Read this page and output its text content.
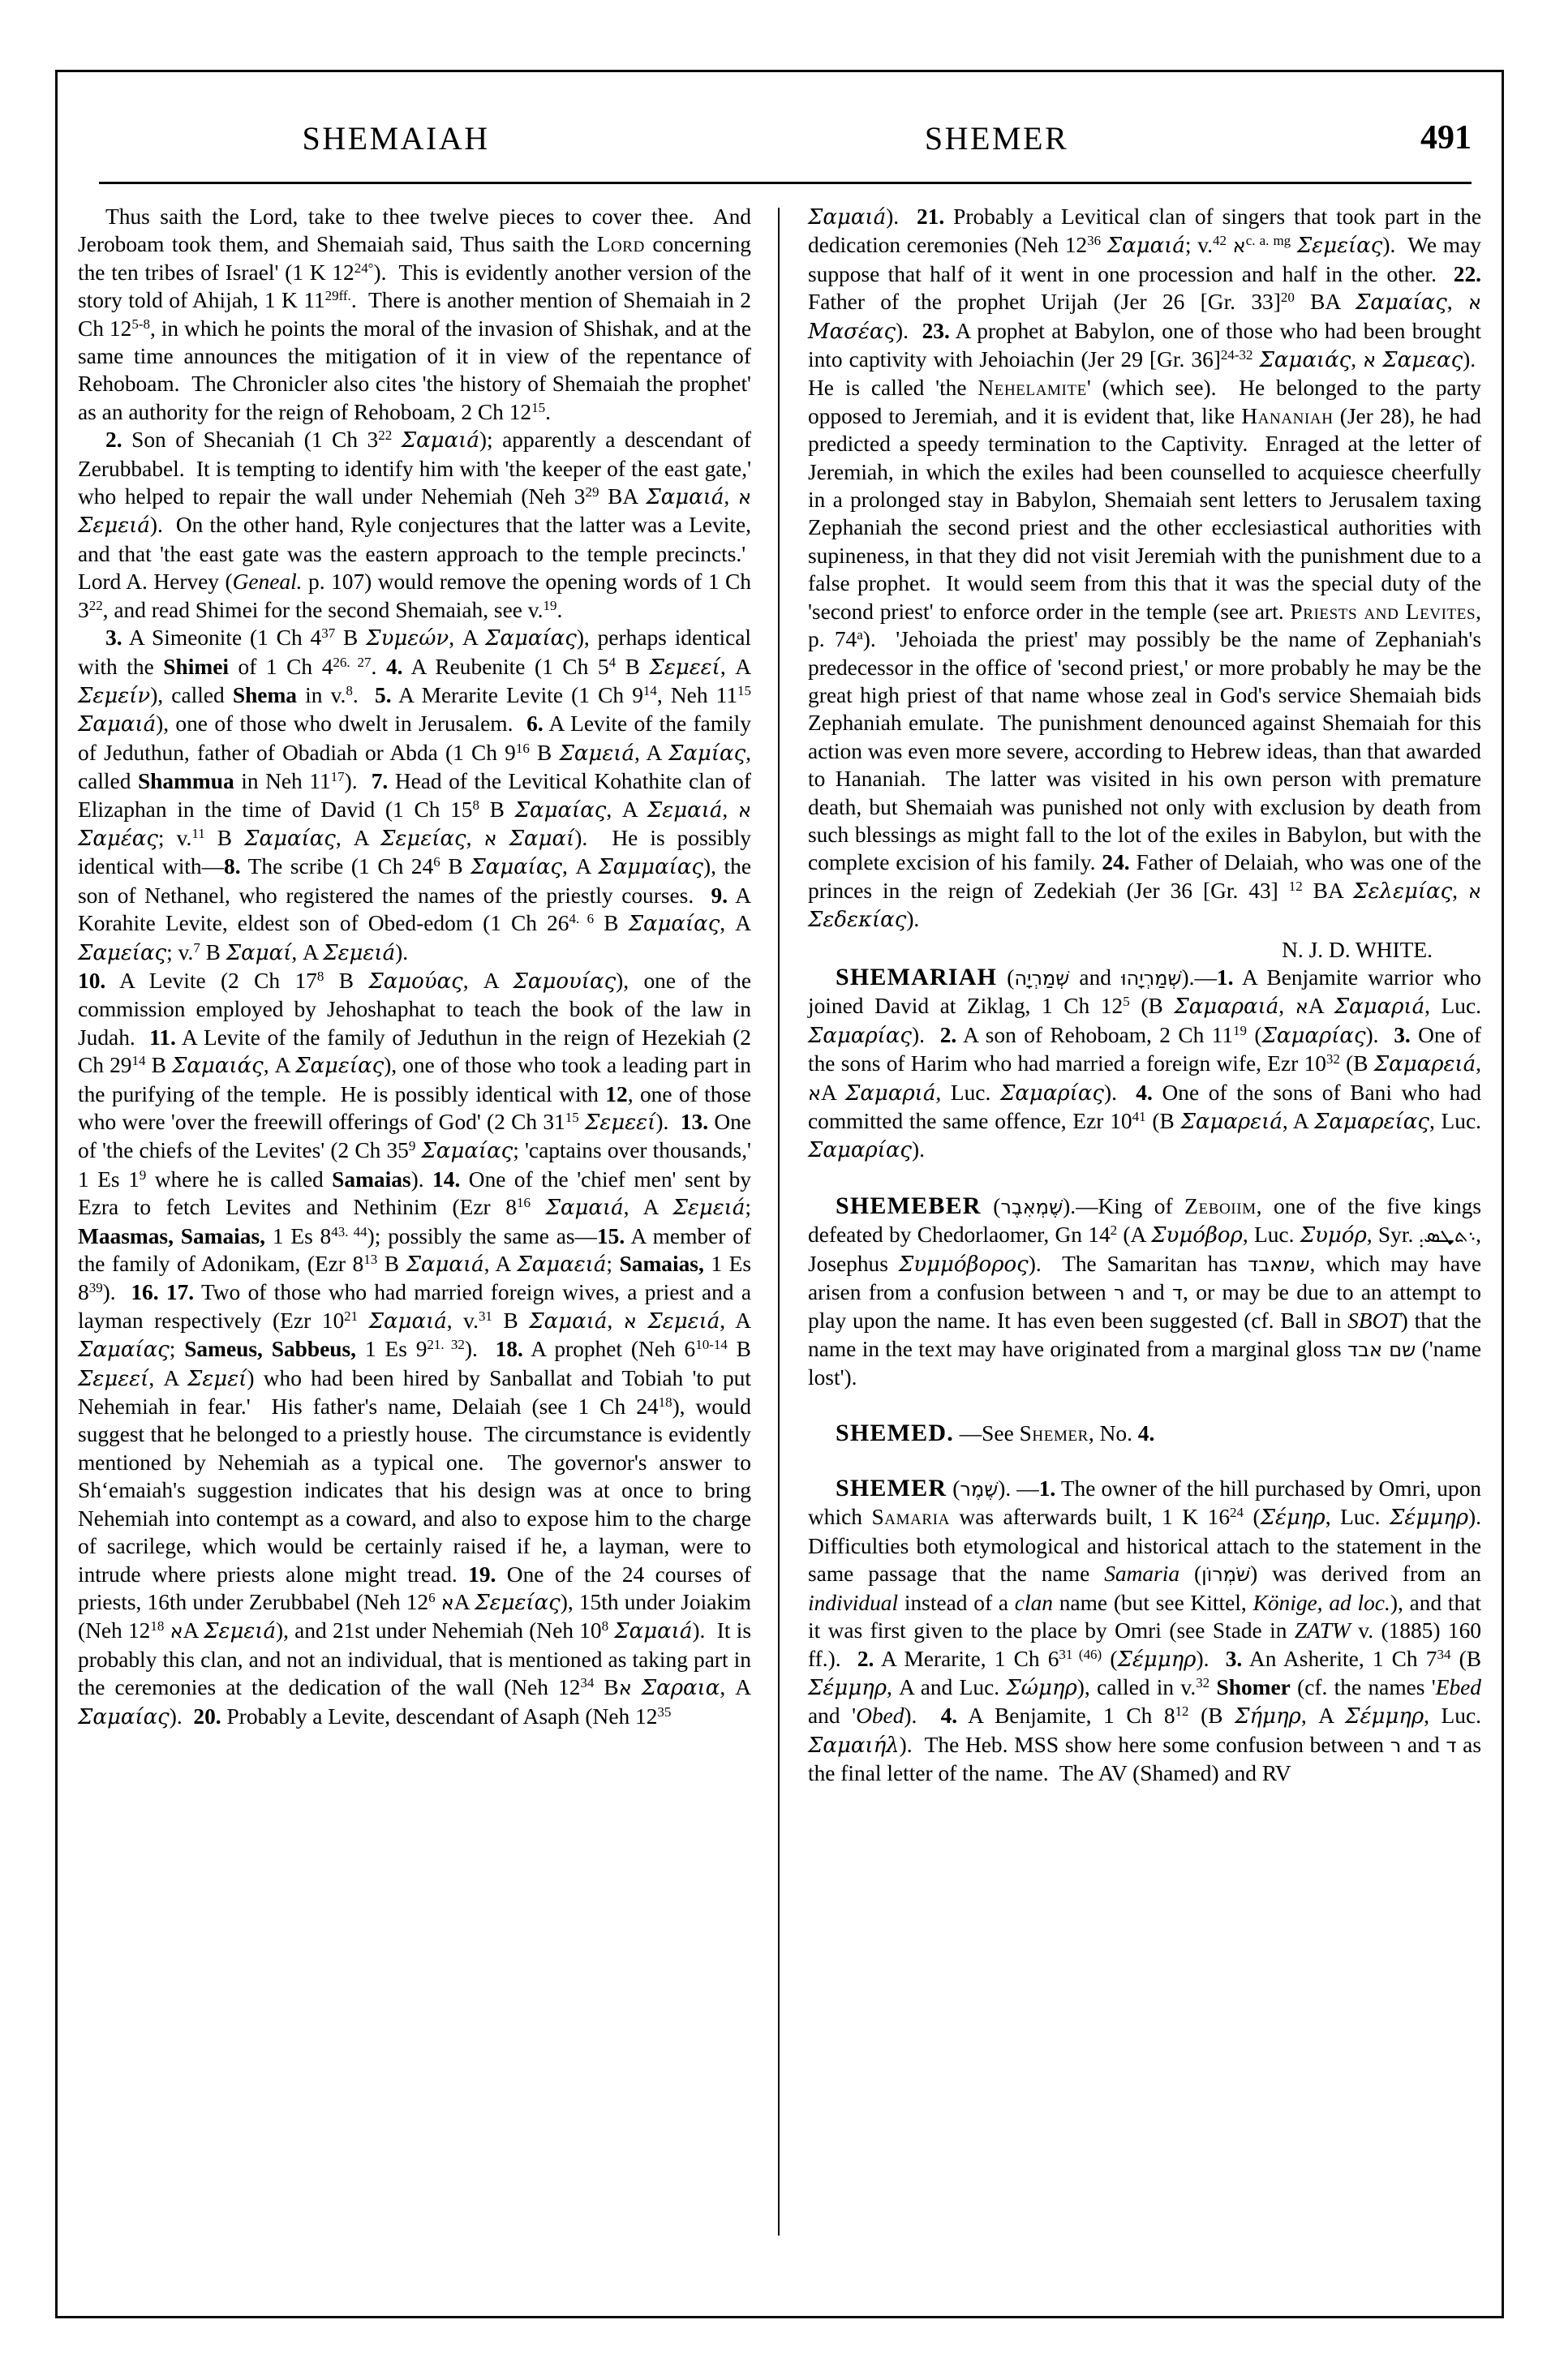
SHEMAIAH	SHEMER	491

Thus saith the Lord, take to thee twelve pieces to cover thee.  And Jeroboam took them, and Shemaiah said, Thus saith the Lord concerning the ten tribes of Israel' (1 K $12^{24^\circ}$).  This is evidently another version of the story told of Ahijah, 1 K $11^{29ff.}$.  There is another mention of Shemaiah in 2 Ch 12$^{5-8}$, in which he points the moral of the invasion of Shishak, and at the same time announces the mitigation of it in view of the repentance of Rehoboam.  The Chronicler also cites 'the history of Shemaiah the prophet' as an authority for the reign of Rehoboam, 2 Ch $12^{15}$.

2. Son of Shecaniah (1 Ch $3^{22}$ Σαμαιá); apparently a descendant of Zerubbabel.  It is tempting to identify him with 'the keeper of the east gate,' who helped to repair the wall under Nehemiah (Neh $3^{29}$ BA Σαμαιá, א Σεμειá).  On the other hand, Ryle conjectures that the latter was a Levite, and that 'the east gate was the eastern approach to the temple precincts.'  Lord A. Hervey (Geneal. p. 107) would remove the opening words of 1 Ch $3^{22}$, and read Shimei for the second Shemaiah, see v.$^{19}$.

3. A Simeonite (1 Ch $4^{37}$ B Συμεών, A Σαμαίας), perhaps identical with the Shimei of 1 Ch $4^{26. 27}$. 4. A Reubenite (1 Ch $5^4$ B Σεμεεί, A Σεμείν), called Shema in v.$^8$.  5. A Merarite Levite (1 Ch $9^{14}$, Neh $11^{15}$ Σαμαιá), one of those who dwelt in Jerusalem.  6. A Levite of the family of Jeduthun, father of Obadiah or Abda (1 Ch $9^{16}$ B Σαμειá, A Σαμίας, called Shammua in Neh $11^{17}$).  7. Head of the Levitical Kohathite clan of Elizaphan in the time of David (1 Ch $15^8$ B Σαμαίας, A Σεμαιá, א Σαμέας; v.$^{11}$ B Σαμαίας, A Σεμείας, א Σαμαί).  He is possibly identical with—8. The scribe (1 Ch $24^6$ B Σαμαίας, A Σαμμαίας), the son of Nethanel, who registered the names of the priestly courses.  9. A Korahite Levite, eldest son of Obed-edom (1 Ch $26^{4. 6}$ B Σαμαίας, A Σαμείας; v.$^7$ B Σαμαί, A Σεμειá).

10. A Levite (2 Ch $17^8$ B Σαμούας, A Σαμουίας), one of the commission employed by Jehoshaphat to teach the book of the law in Judah.  11. A Levite of the family of Jeduthun in the reign of Hezekiah (2 Ch $29^{14}$ B Σαμαιάς, A Σαμείας), one of those who took a leading part in the purifying of the temple.  He is possibly identical with 12, one of those who were 'over the freewill offerings of God' (2 Ch $31^{15}$ Σεμεεί).  13. One of 'the chiefs of the Levites' (2 Ch $35^9$ Σαμαίας; 'captains over thousands,' 1 Es $1^9$ where he is called Samaias). 14. One of the 'chief men' sent by Ezra to fetch Levites and Nethinim (Ezr $8^{16}$ Σαμαιá, A Σεμειá; Maasmas, Samaias, 1 Es $8^{43. 44}$); possibly the same as—15. A member of the family of Adonikam, (Ezr $8^{13}$ B Σαμαιá, A Σαμαειá; Samaias, 1 Es $8^{39}$).  16. 17. Two of those who had married foreign wives, a priest and a layman respectively (Ezr $10^{21}$ Σαμαιá, v.$^{31}$ B Σαμαιá, א Σεμειá, A Σαμαίας; Sameus, Sabbeus, 1 Es $9^{21. 32}$).  18. A prophet (Neh 6$^{10-14}$ B Σεμεεί, A Σεμεί) who had been hired by Sanballat and Tobiah 'to put Nehemiah in fear.'  His father's name, Delaiah (see 1 Ch $24^{18}$), would suggest that he belonged to a priestly house.  The circumstance is evidently mentioned by Nehemiah as a typical one.  The governor's answer to Sh‘emaiah's suggestion indicates that his design was at once to bring Nehemiah into contempt as a coward, and also to expose him to the charge of sacrilege, which would be certainly raised if he, a layman, were to intrude where priests alone might tread. 19. One of the 24 courses of priests, 16th under Zerubbabel (Neh $12^6$ אA Σεμείας), 15th under Joiakim (Neh $12^{18}$ אA Σεμειá), and 21st under Nehemiah (Neh $10^8$ Σαμαιá).  It is probably this clan, and not an individual, that is mentioned as taking part in the ceremonies at the dedication of the wall (Neh $12^{34}$ Bא Σαραια, A Σαμαίας).  20. Probably a Levite, descendant of Asaph (Neh $12^{35}$

Σαμαιá).  21. Probably a Levitical clan of singers that took part in the dedication ceremonies (Neh $12^{36}$ Σαμαιá; v.$^{42}$ א$^{c. a. mg}$ Σεμείας).  We may suppose that half of it went in one procession and half in the other.  22. Father of the prophet Urijah (Jer 26 [Gr. 33]$^{20}$ BA Σαμαίας, א Μασέας).  23. A prophet at Babylon, one of those who had been brought into captivity with Jehoiachin (Jer 29 [Gr. 36]$^{24-32}$ Σαμαιάς, א Σαμεας).  He is called 'the Nehelamite' (which see).  He belonged to the party opposed to Jeremiah, and it is evident that, like Hananiah (Jer 28), he had predicted a speedy termination to the Captivity.  Enraged at the letter of Jeremiah, in which the exiles had been counselled to acquiesce cheerfully in a prolonged stay in Babylon, Shemaiah sent letters to Jerusalem taxing Zephaniah the second priest and the other ecclesiastical authorities with supineness, in that they did not visit Jeremiah with the punishment due to a false prophet.  It would seem from this that it was the special duty of the 'second priest' to enforce order in the temple (see art. Priests and Levites, p. 74$^a$).  'Jehoiada the priest' may possibly be the name of Zephaniah's predecessor in the office of 'second priest,' or more probably he may be the great high priest of that name whose zeal in God's service Shemaiah bids Zephaniah emulate.  The punishment denounced against Shemaiah for this action was even more severe, according to Hebrew ideas, than that awarded to Hananiah.  The latter was visited in his own person with premature death, but Shemaiah was punished not only with exclusion by death from such blessings as might fall to the lot of the exiles in Babylon, but with the complete excision of his family. 24. Father of Delaiah, who was one of the princes in the reign of Zedekiah (Jer 36 [Gr. 43] $^{12}$ BA Σελεμίας, א Σεδεκίας).

N. J. D. WHITE.

SHEMARIAH (שְׁמַרְיָה and שְׁמַרְיָהוּ).—1. A Benjamite warrior who joined David at Ziklag, 1 Ch $12^5$ (B Σαμαραιá, אA Σαμαριá, Luc. Σαμαρίας).  2. A son of Rehoboam, 2 Ch $11^{19}$ (Σαμαρίας).  3. One of the sons of Harim who had married a foreign wife, Ezr $10^{32}$ (B Σαμαρειá, אA Σαμαριá, Luc. Σαμαρίας).  4. One of the sons of Bani who had committed the same offence, Ezr $10^{41}$ (B Σαμαρειá, A Σαμαρείας, Luc. Σαμαρίας).

SHEMEBER (שֶׁמְאִבֶר).—King of Zeboiim, one of the five kings defeated by Chedorlaomer, Gn $14^2$ (A Συμόβορ, Luc. Συμόρ, Syr. ܈ܬܜܣ܄, Josephus Συμμόβορος).  The Samaritan has שמאבד, which may have arisen from a confusion between ר and ד, or may be due to an attempt to play upon the name. It has even been suggested (cf. Ball in SBOT) that the name in the text may have originated from a marginal gloss שם אבד ('name lost').

SHEMED. —See Shemer, No. 4.

SHEMER (שֶׁמֶר). —1. The owner of the hill purchased by Omri, upon which Samaria was afterwards built, 1 K $16^{24}$ (Σέμηρ, Luc. Σέμμηρ). Difficulties both etymological and historical attach to the statement in the same passage that the name Samaria (שֹׁמְרוֹן) was derived from an individual instead of a clan name (but see Kittel, Könige, ad loc.), and that it was first given to the place by Omri (see Stade in ZATW v. (1885) 160 ff.).  2. A Merarite, 1 Ch $6^{31 (46)}$ (Σέμμηρ).  3. An Asherite, 1 Ch $7^{34}$ (B Σέμμηρ, A and Luc. Σώμηρ), called in v.$^{32}$ Shomer (cf. the names 'Ebed and 'Obed).  4. A Benjamite, 1 Ch $8^{12}$ (B Σήμηρ, A Σέμμηρ, Luc. Σαμαιήλ).  The Heb. MSS show here some confusion between ר and ד as the final letter of the name.  The AV (Shamed) and RV
